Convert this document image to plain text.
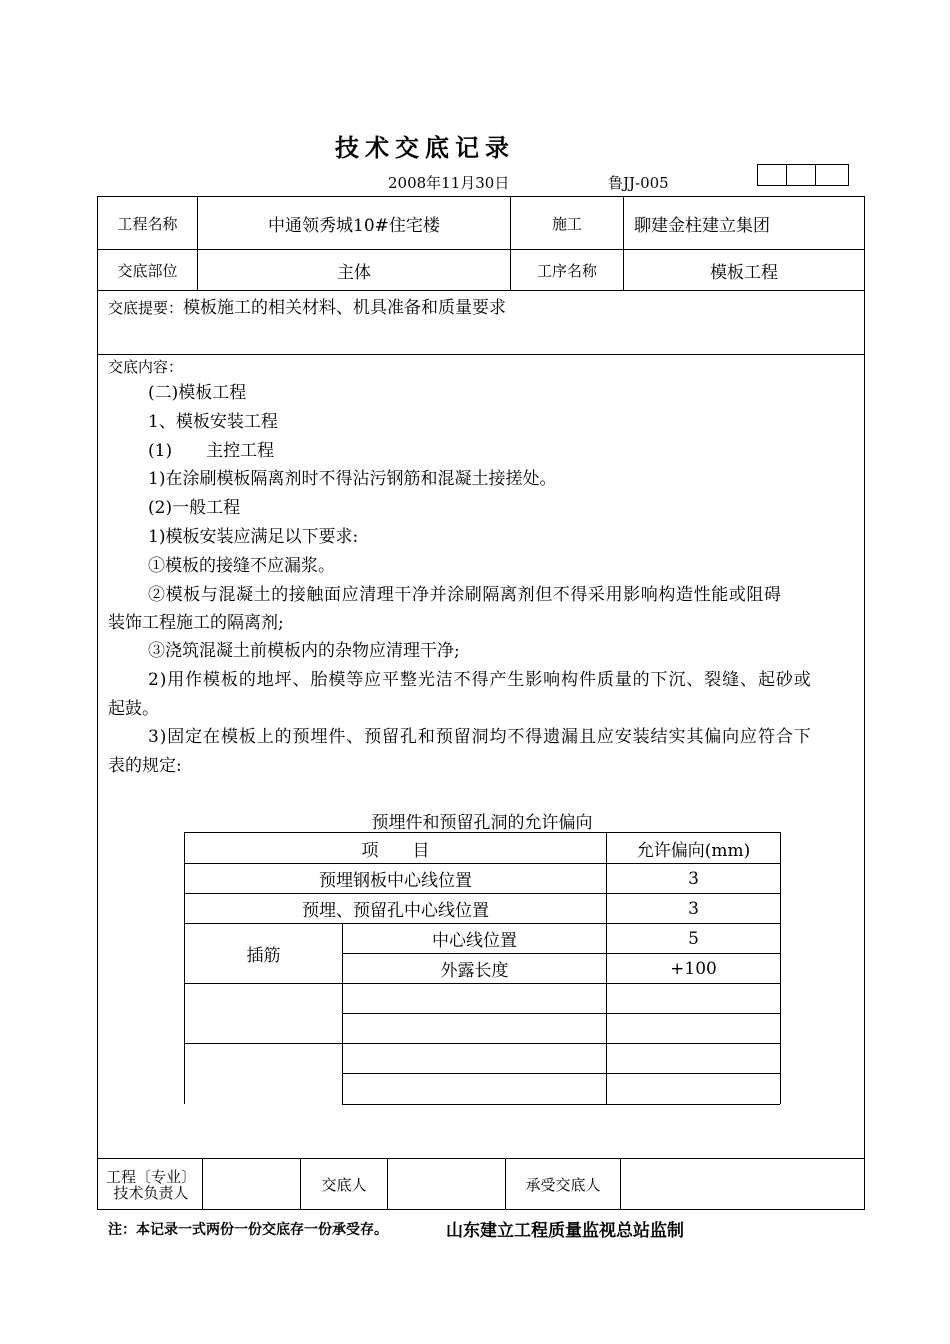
技术交底记录
2008年11月30日	鲁JJ-005
工程名称	中通领秀城10#住宅楼	施工	聊建金柱建立集团
交底部位	主体	工序名称	模板工程
交底提要：模板施工的相关材料、机具准备和质量要求
交底内容：
(二)模板工程
1、模板安装工程
(1)　　主控工程
1)在涂刷模板隔离剂时不得沾污钢筋和混凝土接搓处。
(2)一般工程
1)模板安装应满足以下要求:
①模板的接缝不应漏浆。
②模板与混凝土的接触面应清理干净并涂刷隔离剂但不得采用影响构造性能或阻碍
装饰工程施工的隔离剂;
③浇筑混凝土前模板内的杂物应清理干净;
2)用作模板的地坪、胎模等应平整光洁不得产生影响构件质量的下沉、裂缝、起砂或
起鼓。
3)固定在模板上的预埋件、预留孔和预留洞均不得遗漏且应安装结实其偏向应符合下
表的规定:
预埋件和预留孔洞的允许偏向
项　　目	允许偏向(mm)
预埋钢板中心线位置	3
预埋、预留孔中心线位置	3
插筋
中心线位置	5
外露长度	+100
工程〔专业〕技术负责人	交底人	承受交底人
注：本记录一式两份一份交底存一份承受存。	山东建立工程质量监视总站监制
